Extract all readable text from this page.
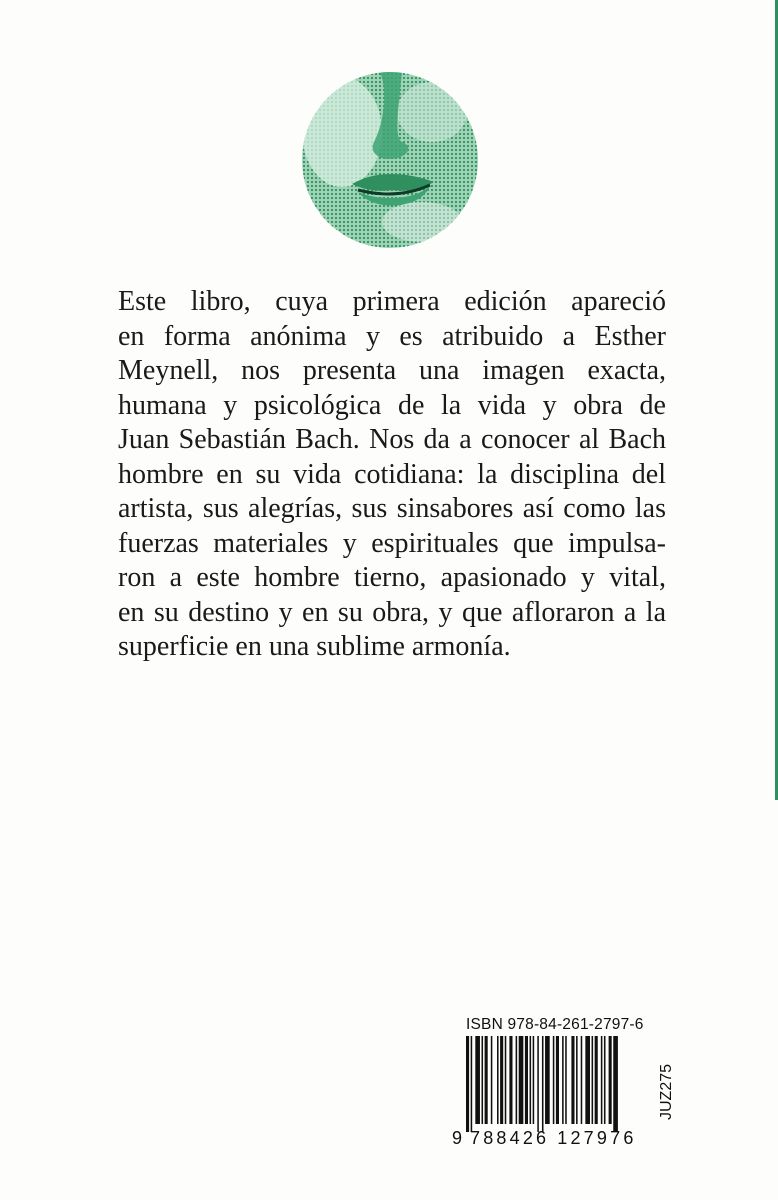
Este libro, cuya primera edición apareció
en forma anónima y es atribuido a Esther
Meynell, nos presenta una imagen exacta,
humana y psicológica de la vida y obra de
Juan Sebastián Bach. Nos da a conocer al Bach
hombre en su vida cotidiana: la disciplina del
artista, sus alegrías, sus sinsabores así como las
fuerzas materiales y espirituales que impulsa-
ron a este hombre tierno, apasionado y vital,
en su destino y en su obra, y que afloraron a la
superficie en una sublime armonía.

ISBN 978-84-261-2797-6
9 788426 127976
JUZ275
